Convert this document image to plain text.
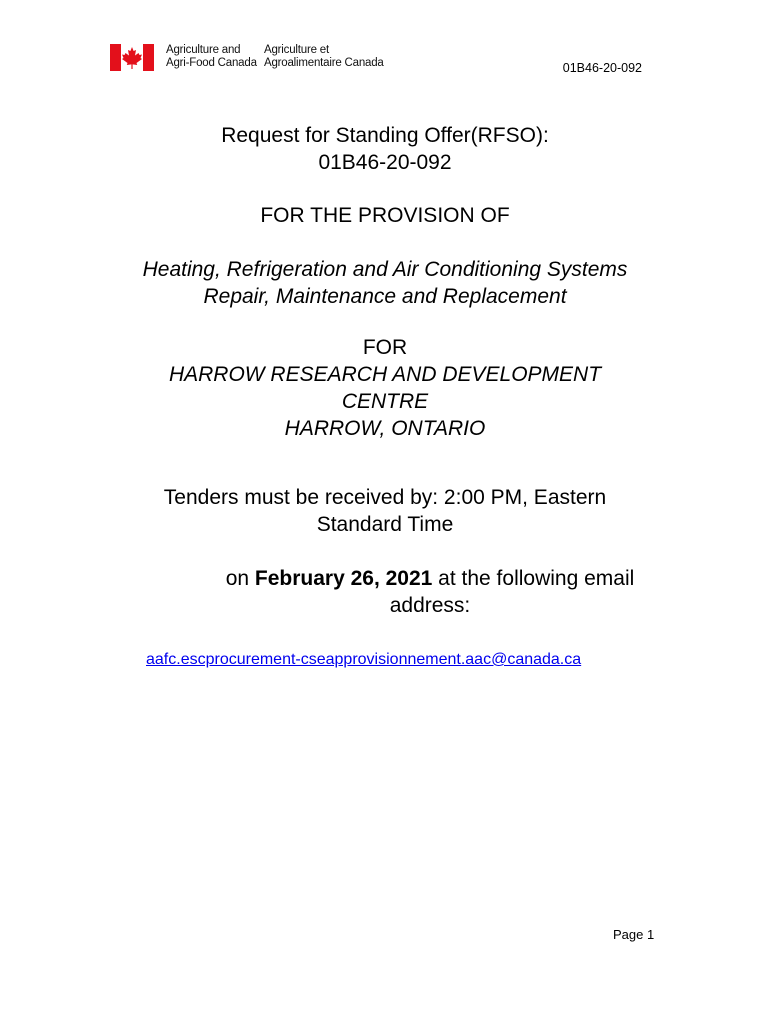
Agriculture and
Agri-Food Canada
Agriculture et
Agroalimentaire Canada	01B46-20-092
Request for Standing Offer(RFSO):
01B46-20-092
FOR THE PROVISION OF
Heating, Refrigeration and Air Conditioning Systems
Repair, Maintenance and Replacement
FOR
HARROW RESEARCH AND DEVELOPMENT
CENTRE
HARROW, ONTARIO
Tenders must be received by: 2:00 PM, Eastern
Standard Time
on February 26, 2021 at the following email
address:
aafc.escprocurement-cseapprovisionnement.aac@canada.ca
Page 1
